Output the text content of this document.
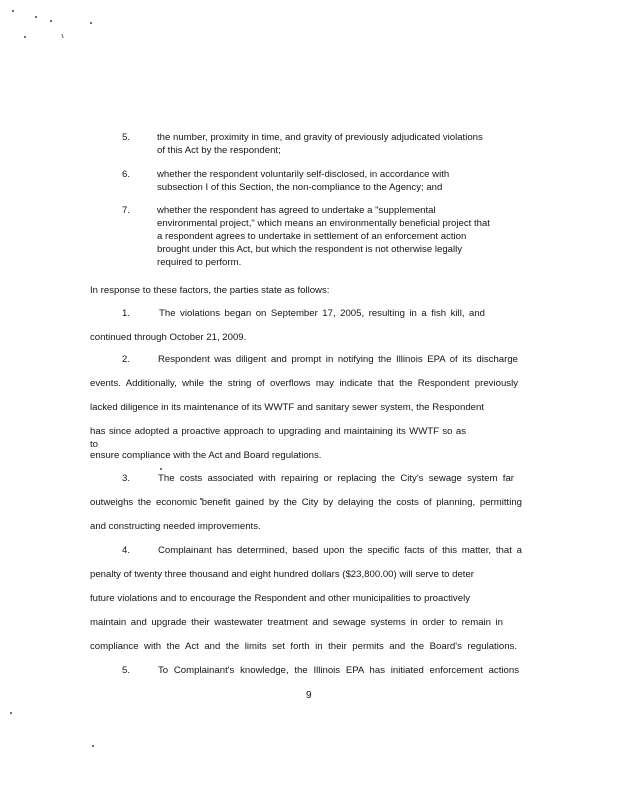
5.	the number, proximity in time, and gravity of previously adjudicated violations of this Act by the respondent;
6.	whether the respondent voluntarily self-disclosed, in accordance with subsection I of this Section, the non-compliance to the Agency; and
7.	whether the respondent has agreed to undertake a "supplemental environmental project," which means an environmentally beneficial project that a respondent agrees to undertake in settlement of an enforcement action brought under this Act, but which the respondent is not otherwise legally required to perform.
In response to these factors, the parties state as follows:
1.	The violations began on September 17, 2005, resulting in a fish kill, and
continued through October 21, 2009.
2.	Respondent was diligent and prompt in notifying the Illinois EPA of its discharge
events. Additionally, while the string of overflows may indicate that the Respondent previously
lacked diligence in its maintenance of its WWTF and sanitary sewer system, the Respondent
has since adopted a proactive approach to upgrading and maintaining its WWTF so as to
ensure compliance with the Act and Board regulations.
3.	The costs associated with repairing or replacing the City's sewage system far
outweighs the economic benefit gained by the City by delaying the costs of planning, permitting
and constructing needed improvements.
4.	Complainant has determined, based upon the specific facts of this matter, that a
penalty of twenty three thousand and eight hundred dollars ($23,800.00) will serve to deter
future violations and to encourage the Respondent and other municipalities to proactively
maintain and upgrade their wastewater treatment and sewage systems in order to remain in
compliance with the Act and the limits set forth in their permits and the Board's regulations.
5.	To Complainant's knowledge, the Illinois EPA has initiated enforcement actions
9
